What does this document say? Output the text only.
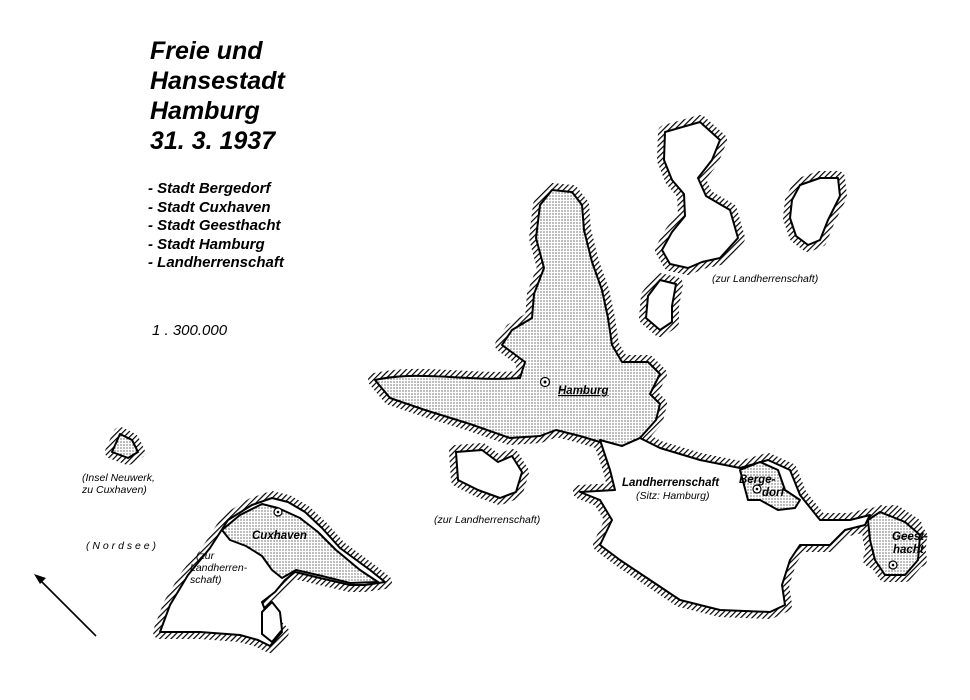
Freie und
Hansestadt
Hamburg
31. 3. 1937
- Stadt Bergedorf
- Stadt Cuxhaven
- Stadt Geesthacht
- Stadt Hamburg
- Landherrenschaft
1 . 300.000
Hamburg
Cuxhaven
Landherrenschaft
(Sitz: Hamburg)
Berge-
dorf
Geest-
hacht
(zur Landherrenschaft)
(zur Landherrenschaft)
(zur
Landherren-
schaft)
(Insel Neuwerk,
zu Cuxhaven)
( N o r d s e e )
